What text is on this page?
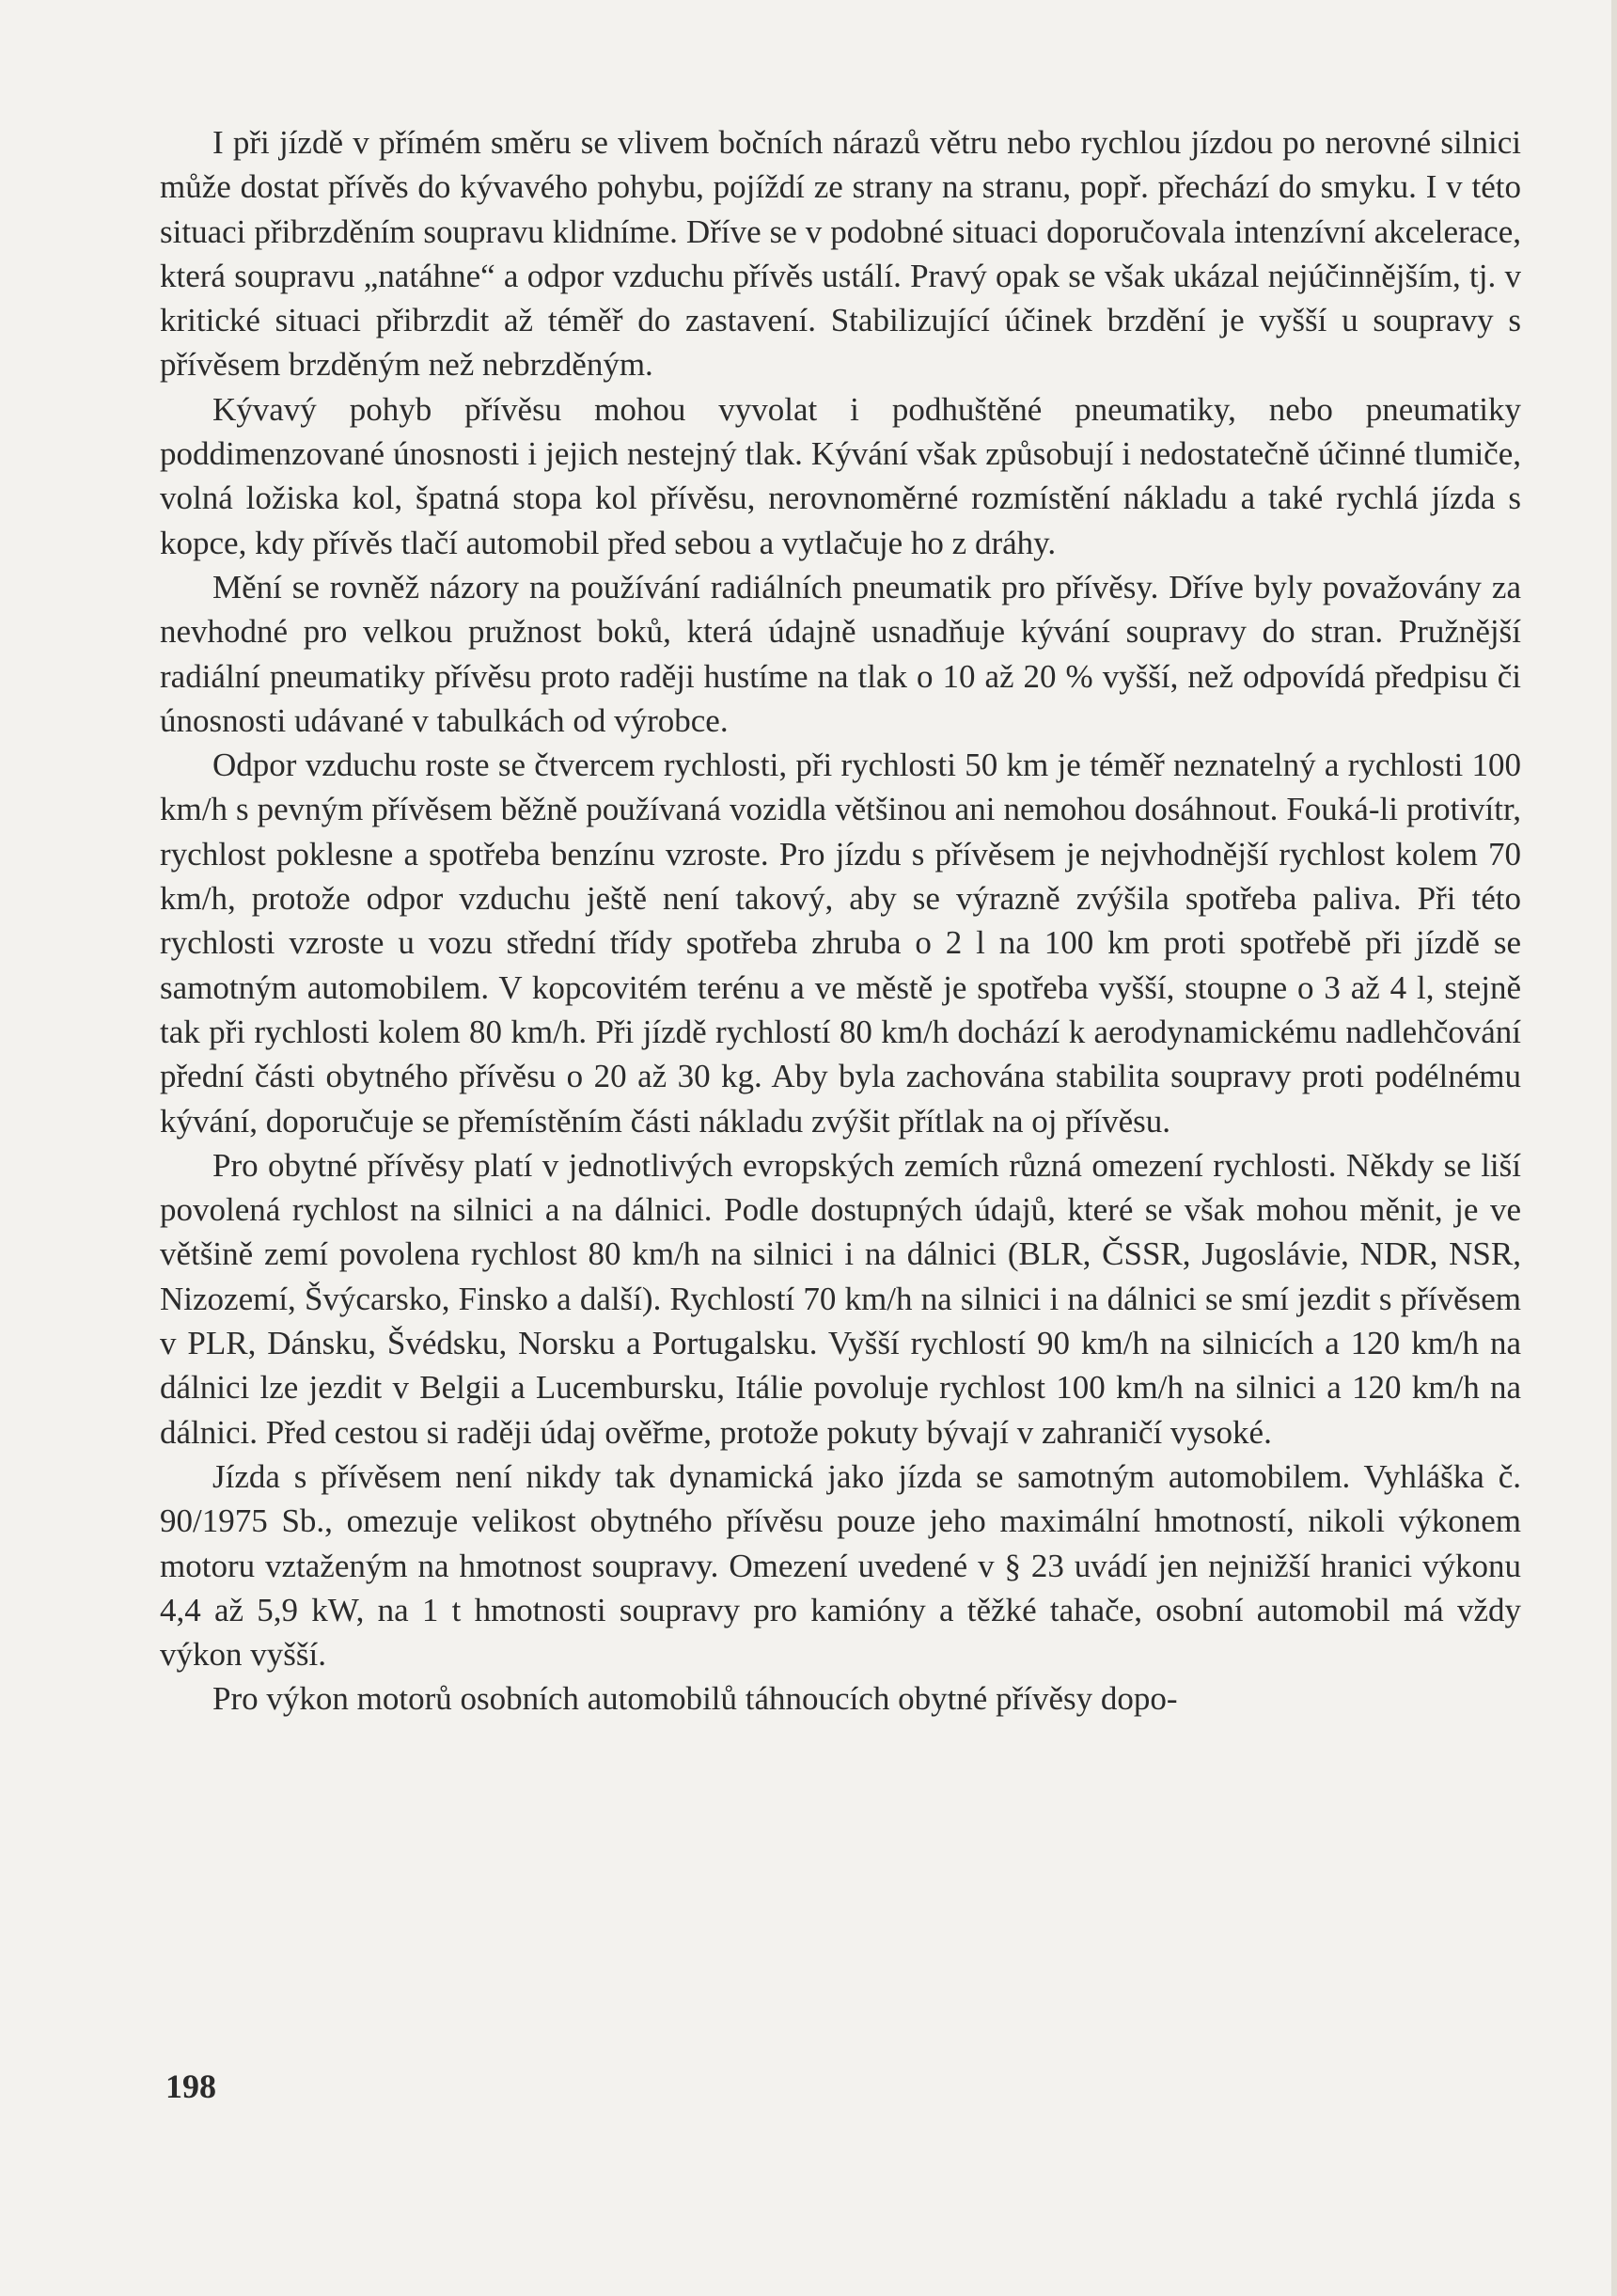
I při jízdě v přímém směru se vlivem bočních nárazů větru nebo rychlou jízdou po nerovné silnici může dostat přívěs do kývavého pohybu, pojíždí ze strany na stranu, popř. přechází do smyku. I v této situaci přibrzděním soupravu klidníme. Dříve se v podobné situaci doporučovala intenzívní akcelerace, která soupravu „natáhne“ a odpor vzduchu přívěs ustálí. Pravý opak se však ukázal nejúčinnějším, tj. v kritické situaci přibrzdit až téměř do zastavení. Stabilizující účinek brzdění je vyšší u soupravy s přívěsem brzděným než nebrzděným.

Kývavý pohyb přívěsu mohou vyvolat i podhuštěné pneumatiky, nebo pneumatiky poddimenzované únosnosti i jejich nestejný tlak. Kývání však způsobují i nedostatečně účinné tlumiče, volná ložiska kol, špatná stopa kol přívěsu, nerovnoměrné rozmístění nákladu a také rychlá jízda s kopce, kdy přívěs tlačí automobil před sebou a vytlačuje ho z dráhy.

Mění se rovněž názory na používání radiálních pneumatik pro přívěsy. Dříve byly považovány za nevhodné pro velkou pružnost boků, která údajně usnadňuje kývání soupravy do stran. Pružnější radiální pneumatiky přívěsu proto raději hustíme na tlak o 10 až 20 % vyšší, než odpovídá předpisu či únosnosti udávané v tabulkách od výrobce.

Odpor vzduchu roste se čtvercem rychlosti, při rychlosti 50 km je téměř neznatelný a rychlosti 100 km/h s pevným přívěsem běžně používaná vozidla většinou ani nemohou dosáhnout. Fouká-li protivítr, rychlost poklesne a spotřeba benzínu vzroste. Pro jízdu s přívěsem je nejvhodnější rychlost kolem 70 km/h, protože odpor vzduchu ještě není takový, aby se výrazně zvýšila spotřeba paliva. Při této rychlosti vzroste u vozu střední třídy spotřeba zhruba o 2 l na 100 km proti spotřebě při jízdě se samotným automobilem. V kopcovitém terénu a ve městě je spotřeba vyšší, stoupne o 3 až 4 l, stejně tak při rychlosti kolem 80 km/h. Při jízdě rychlostí 80 km/h dochází k aerodynamickému nadlehčování přední části obytného přívěsu o 20 až 30 kg. Aby byla zachována stabilita soupravy proti podélnému kývání, doporučuje se přemístěním části nákladu zvýšit přítlak na oj přívěsu.

Pro obytné přívěsy platí v jednotlivých evropských zemích různá omezení rychlosti. Někdy se liší povolená rychlost na silnici a na dálnici. Podle dostupných údajů, které se však mohou měnit, je ve většině zemí povolena rychlost 80 km/h na silnici i na dálnici (BLR, ČSSR, Jugoslávie, NDR, NSR, Nizozemí, Švýcarsko, Finsko a další). Rychlostí 70 km/h na silnici i na dálnici se smí jezdit s přívěsem v PLR, Dánsku, Švédsku, Norsku a Portugalsku. Vyšší rychlostí 90 km/h na silnicích a 120 km/h na dálnici lze jezdit v Belgii a Lucembursku, Itálie povoluje rychlost 100 km/h na silnici a 120 km/h na dálnici. Před cestou si raději údaj ověřme, protože pokuty bývají v zahraničí vysoké.

Jízda s přívěsem není nikdy tak dynamická jako jízda se samotným automobilem. Vyhláška č. 90/1975 Sb., omezuje velikost obytného přívěsu pouze jeho maximální hmotností, nikoli výkonem motoru vztaženým na hmotnost soupravy. Omezení uvedené v § 23 uvádí jen nejnižší hranici výkonu 4,4 až 5,9 kW, na 1 t hmotnosti soupravy pro kamióny a těžké tahače, osobní automobil má vždy výkon vyšší.

Pro výkon motorů osobních automobilů táhnoucích obytné přívěsy dopo-

198
